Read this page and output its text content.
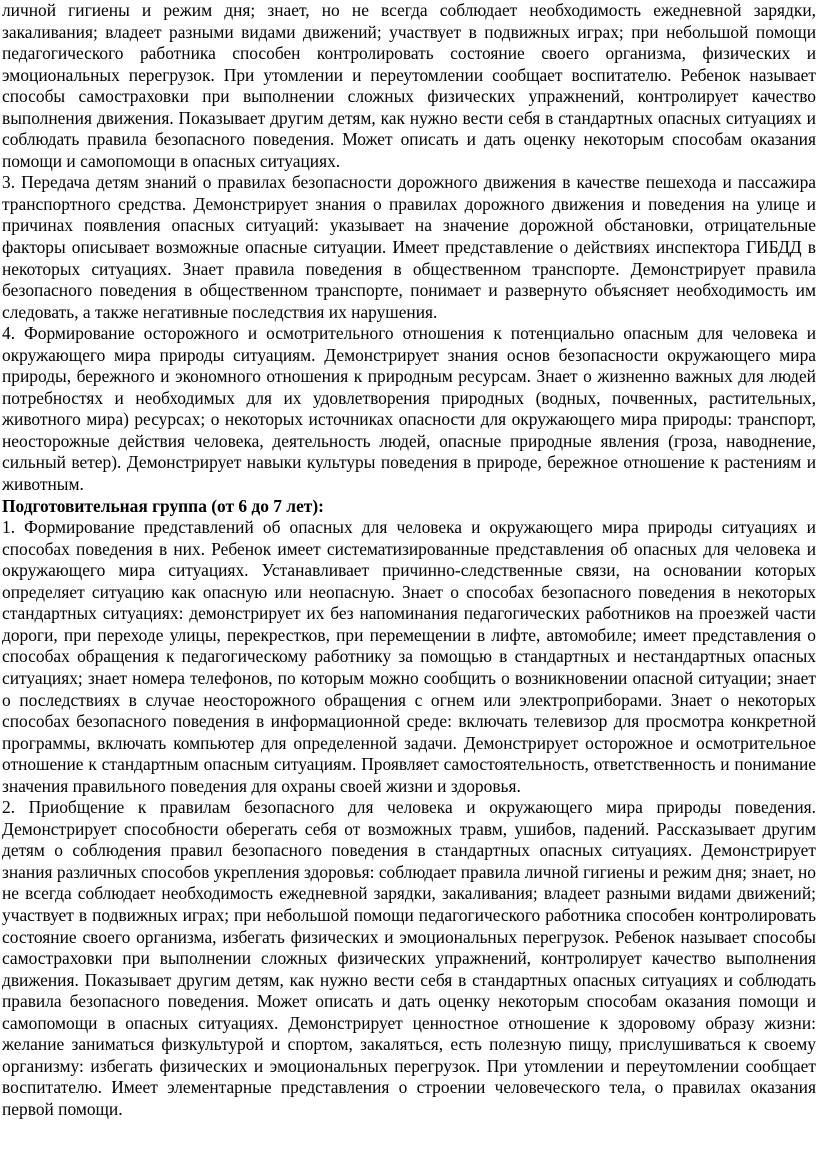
личной гигиены и режим дня; знает, но не всегда соблюдает необходимость ежедневной зарядки, закаливания; владеет разными видами движений; участвует в подвижных играх; при небольшой помощи педагогического работника способен контролировать состояние своего организма, физических и эмоциональных перегрузок. При утомлении и переутомлении сообщает воспитателю. Ребенок называет способы самостраховки при выполнении сложных физических упражнений, контролирует качество выполнения движения. Показывает другим детям, как нужно вести себя в стандартных опасных ситуациях и соблюдать правила безопасного поведения. Может описать и дать оценку некоторым способам оказания помощи и самопомощи в опасных ситуациях.

3. Передача детям знаний о правилах безопасности дорожного движения в качестве пешехода и пассажира транспортного средства. Демонстрирует знания о правилах дорожного движения и поведения на улице и причинах появления опасных ситуаций: указывает на значение дорожной обстановки, отрицательные факторы описывает возможные опасные ситуации. Имеет представление о действиях инспектора ГИБДД в некоторых ситуациях. Знает правила поведения в общественном транспорте. Демонстрирует правила безопасного поведения в общественном транспорте, понимает и развернуто объясняет необходимость им следовать, а также негативные последствия их нарушения.

4. Формирование осторожного и осмотрительного отношения к потенциально опасным для человека и окружающего мира природы ситуациям. Демонстрирует знания основ безопасности окружающего мира природы, бережного и экономного отношения к природным ресурсам. Знает о жизненно важных для людей потребностях и необходимых для их удовлетворения природных (водных, почвенных, растительных, животного мира) ресурсах; о некоторых источниках опасности для окружающего мира природы: транспорт, неосторожные действия человека, деятельность людей, опасные природные явления (гроза, наводнение, сильный ветер). Демонстрирует навыки культуры поведения в природе, бережное отношение к растениям и животным.

Подготовительная группа (от 6 до 7 лет):

1. Формирование представлений об опасных для человека и окружающего мира природы ситуациях и способах поведения в них. Ребенок имеет систематизированные представления об опасных для человека и окружающего мира ситуациях. Устанавливает причинно-следственные связи, на основании которых определяет ситуацию как опасную или неопасную. Знает о способах безопасного поведения в некоторых стандартных ситуациях: демонстрирует их без напоминания педагогических работников на проезжей части дороги, при переходе улицы, перекрестков, при перемещении в лифте, автомобиле; имеет представления о способах обращения к педагогическому работнику за помощью в стандартных и нестандартных опасных ситуациях; знает номера телефонов, по которым можно сообщить о возникновении опасной ситуации; знает о последствиях в случае неосторожного обращения с огнем или электроприборами. Знает о некоторых способах безопасного поведения в информационной среде: включать телевизор для просмотра конкретной программы, включать компьютер для определенной задачи. Демонстрирует осторожное и осмотрительное отношение к стандартным опасным ситуациям. Проявляет самостоятельность, ответственность и понимание значения правильного поведения для охраны своей жизни и здоровья.

2. Приобщение к правилам безопасного для человека и окружающего мира природы поведения. Демонстрирует способности оберегать себя от возможных травм, ушибов, падений. Рассказывает другим детям о соблюдения правил безопасного поведения в стандартных опасных ситуациях. Демонстрирует знания различных способов укрепления здоровья: соблюдает правила личной гигиены и режим дня; знает, но не всегда соблюдает необходимость ежедневной зарядки, закаливания; владеет разными видами движений; участвует в подвижных играх; при небольшой помощи педагогического работника способен контролировать состояние своего организма, избегать физических и эмоциональных перегрузок. Ребенок называет способы самостраховки при выполнении сложных физических упражнений, контролирует качество выполнения движения. Показывает другим детям, как нужно вести себя в стандартных опасных ситуациях и соблюдать правила безопасного поведения. Может описать и дать оценку некоторым способам оказания помощи и самопомощи в опасных ситуациях. Демонстрирует ценностное отношение к здоровому образу жизни: желание заниматься физкультурой и спортом, закаляться, есть полезную пищу, прислушиваться к своему организму: избегать физических и эмоциональных перегрузок. При утомлении и переутомлении сообщает воспитателю. Имеет элементарные представления о строении человеческого тела, о правилах оказания первой помощи.
